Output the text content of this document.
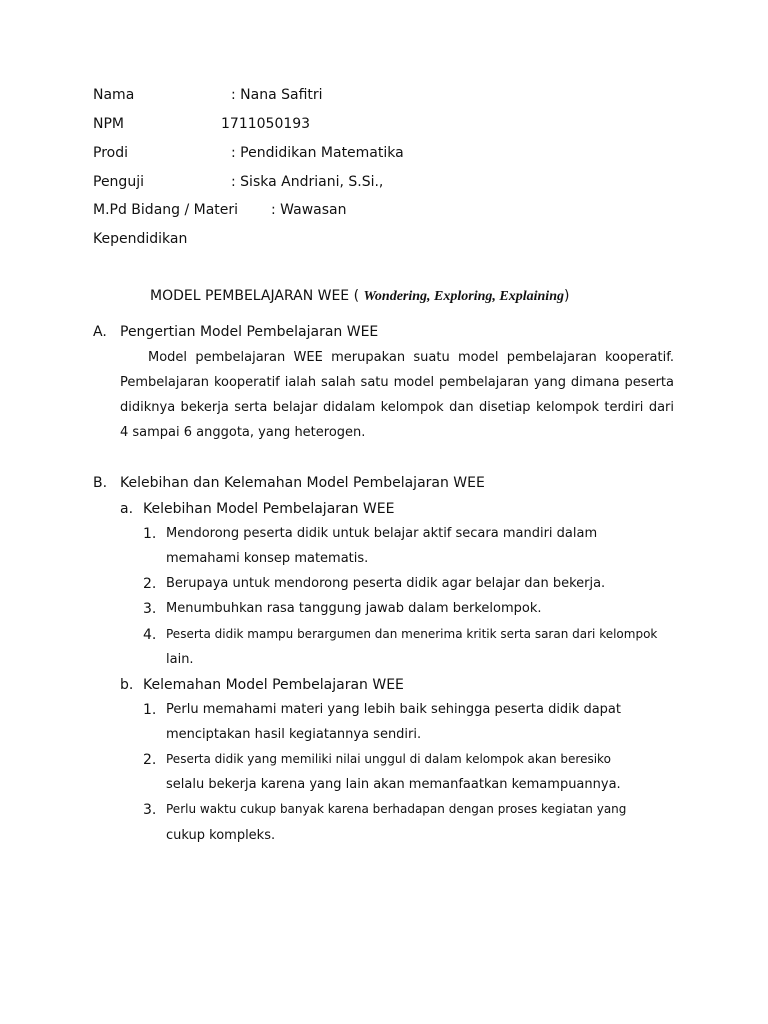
Nama	: Nana Safitri
NPM	1711050193
Prodi	: Pendidikan Matematika
Penguji	: Siska Andriani, S.Si.,
M.Pd Bidang / Materi : Wawasan
Kependidikan
MODEL PEMBELAJARAN WEE ( Wondering, Exploring, Explaining)
A. Pengertian Model Pembelajaran WEE
Model pembelajaran WEE merupakan suatu model pembelajaran kooperatif.
Pembelajaran kooperatif ialah salah satu model pembelajaran yang dimana peserta
didiknya bekerja serta belajar didalam kelompok dan disetiap kelompok terdiri dari
4 sampai 6 anggota, yang heterogen.
B. Kelebihan dan Kelemahan Model Pembelajaran WEE
a. Kelebihan Model Pembelajaran WEE
1. Mendorong peserta didik untuk belajar aktif secara mandiri dalam
memahami konsep matematis.
2. Berupaya untuk mendorong peserta didik agar belajar dan bekerja.
3. Menumbuhkan rasa tanggung jawab dalam berkelompok.
4. Peserta didik mampu berargumen dan menerima kritik serta saran dari kelompok
lain.
b. Kelemahan Model Pembelajaran WEE
1. Perlu memahami materi yang lebih baik sehingga peserta didik dapat
menciptakan hasil kegiatannya sendiri.
2. Peserta didik yang memiliki nilai unggul di dalam kelompok akan beresiko
selalu bekerja karena yang lain akan memanfaatkan kemampuannya.
3. Perlu waktu cukup banyak karena berhadapan dengan proses kegiatan yang
cukup kompleks.
